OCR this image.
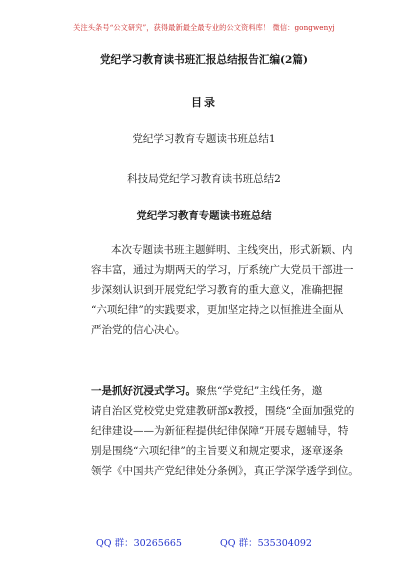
关注头条号“公文研究”，获得最新最全最专业的公文资料库！ 微信：gongwenyj
党纪学习教育读书班汇报总结报告汇编(2篇)
目录
党纪学习教育专题读书班总结1
科技局党纪学习教育读书班总结2
党纪学习教育专题读书班总结

本次专题读书班主题鲜明、主线突出，形式新颖、内
容丰富，通过为期两天的学习，厅系统广大党员干部进一
步深刻认识到开展党纪学习教育的重大意义，准确把握
“六项纪律”的实践要求，更加坚定持之以恒推进全面从
严治党的信心决心。

一是抓好沉浸式学习。聚焦“学党纪”主线任务，邀
请自治区党校党史党建教研部x教授，围绕“全面加强党的
纪律建设——为新征程提供纪律保障”开展专题辅导，特
别是围绕“六项纪律”的主旨要义和规定要求，逐章逐条
领学《中国共产党纪律处分条例》，真正学深学透学到位。

QQ 群：30265665	QQ 群：535304092
